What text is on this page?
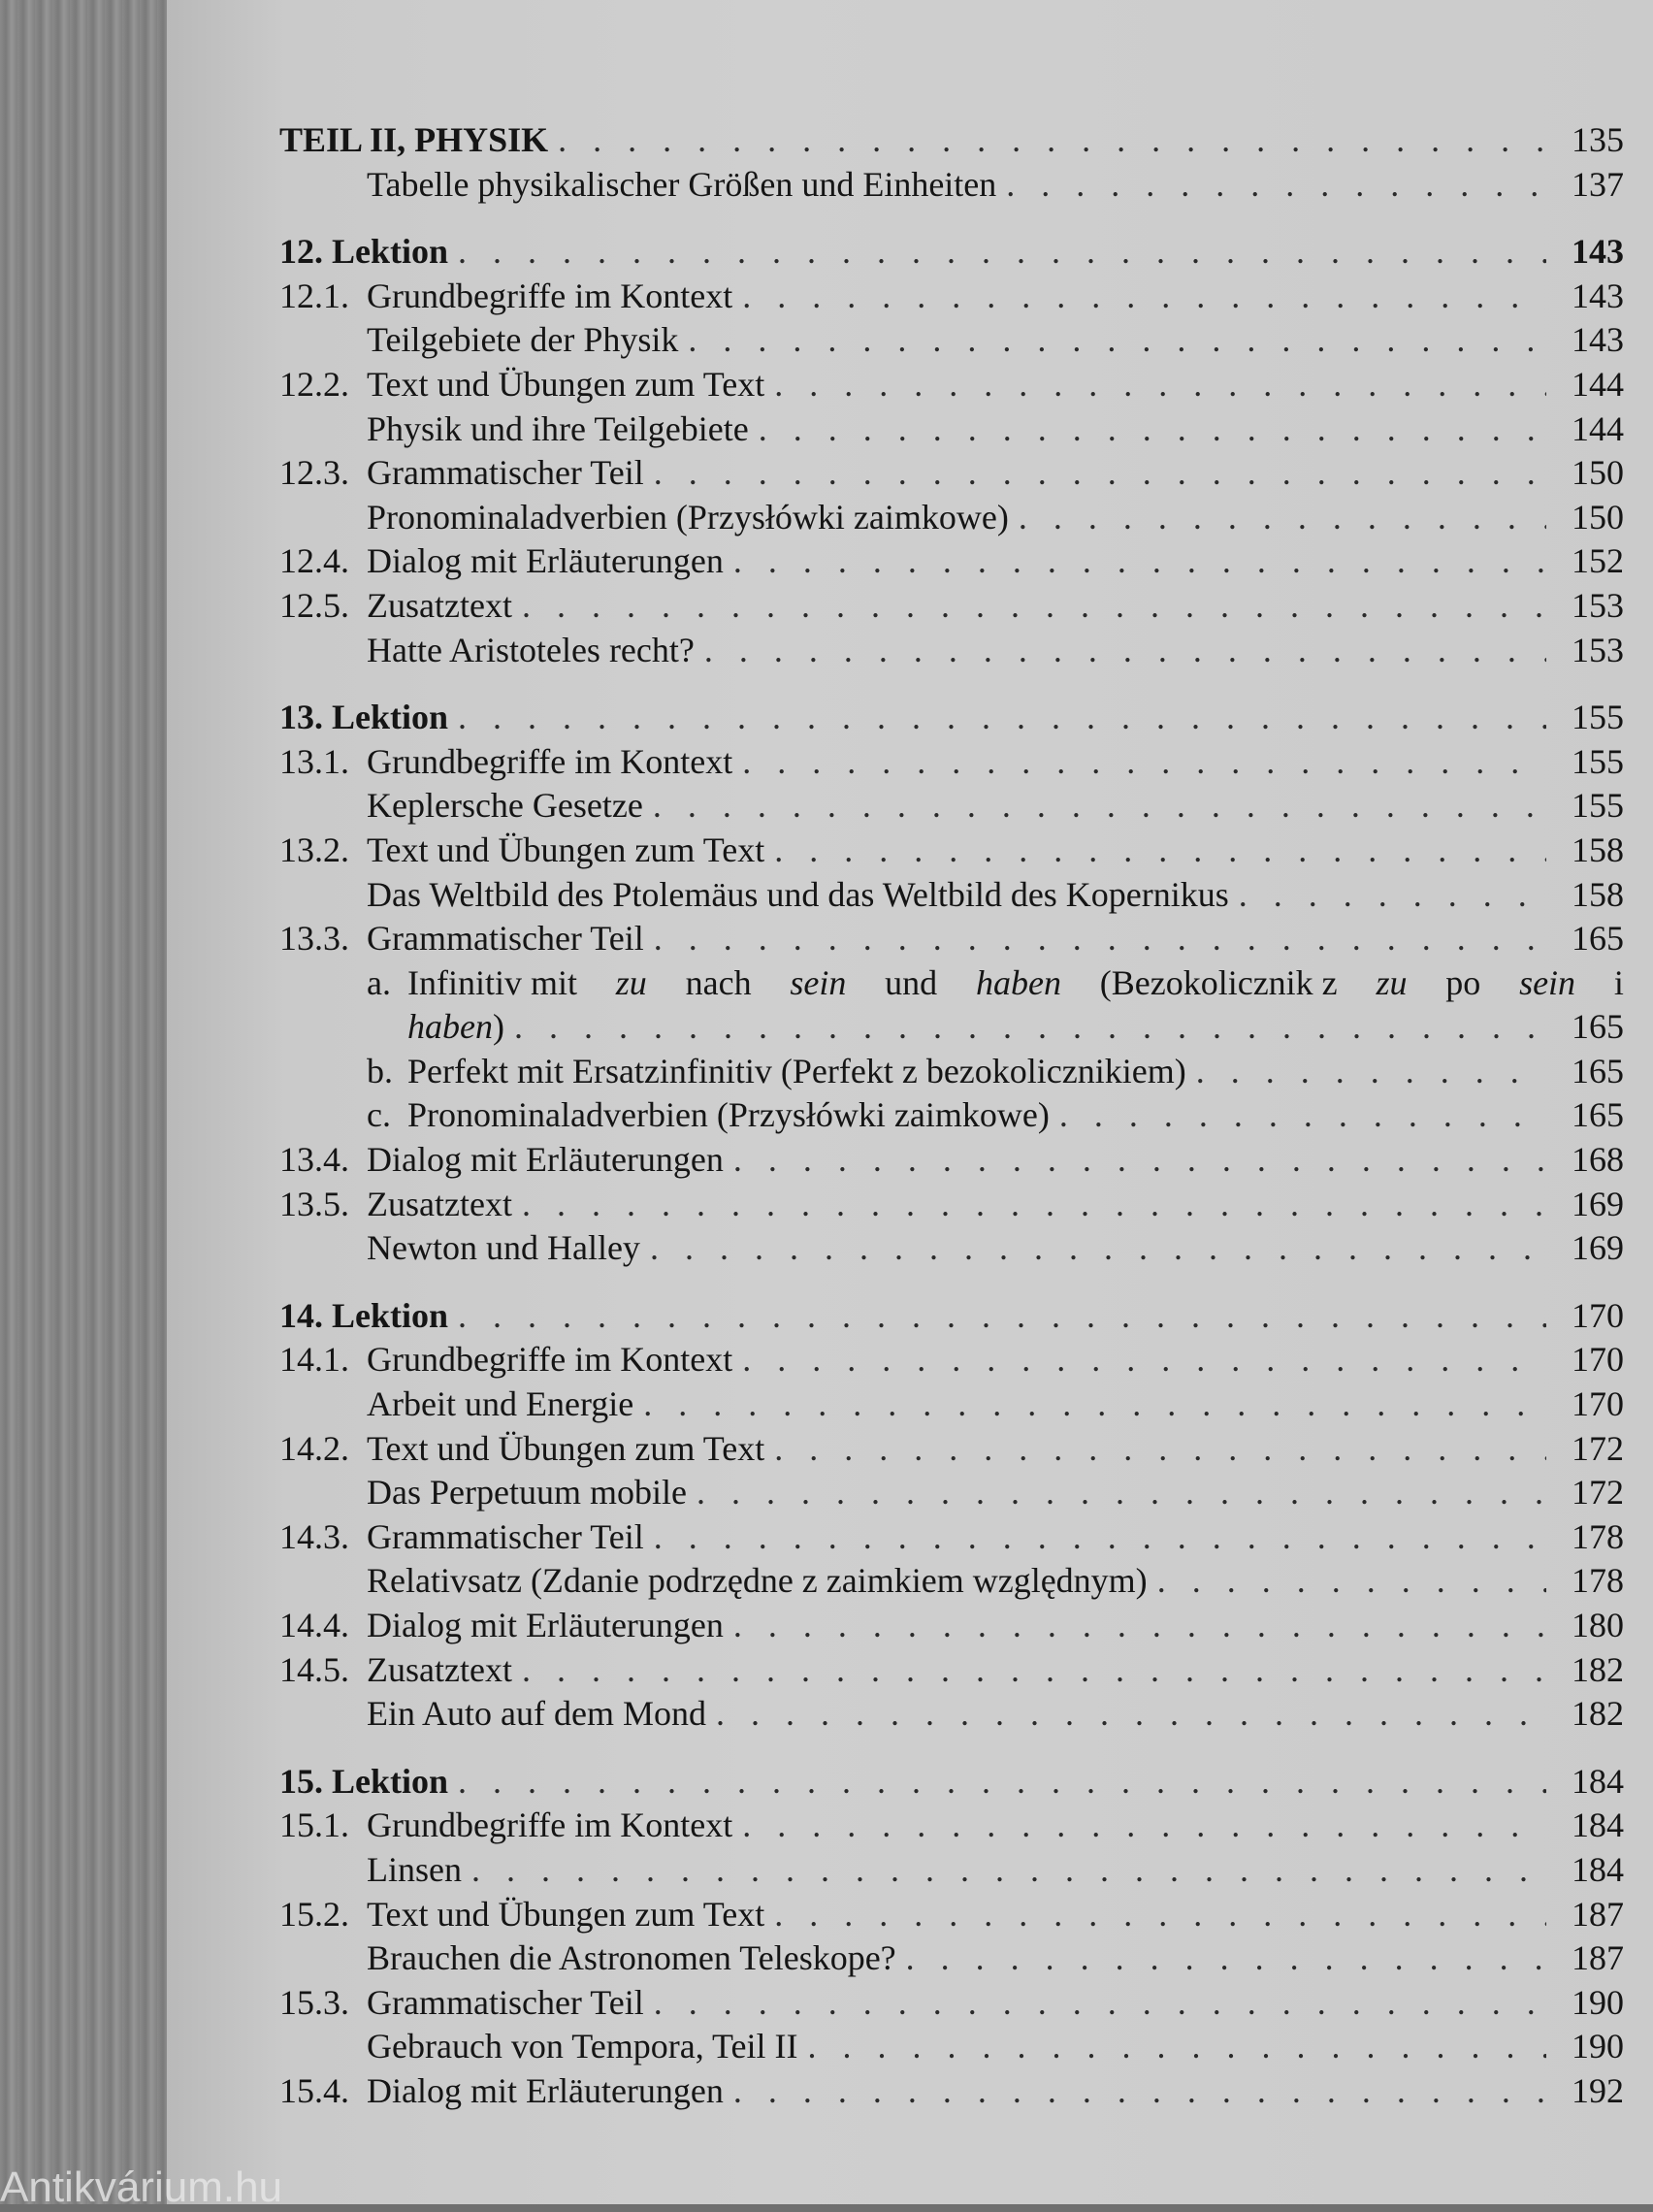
TEIL II, PHYSIK . . .	135
Tabelle physikalischer Größen und Einheiten . . .	137
12. Lektion . . .	143
12.1. Grundbegriffe im Kontext . . .	143
Teilgebiete der Physik . . .	143
12.2. Text und Übungen zum Text . . .	144
Physik und ihre Teilgebiete . . .	144
12.3. Grammatischer Teil . . .	150
Pronominaladverbien (Przysłówki zaimkowe) . . .	150
12.4. Dialog mit Erläuterungen . . .	152
12.5. Zusatztext . . .	153
Hatte Aristoteles recht? . . .	153
13. Lektion . . .	155
13.1. Grundbegriffe im Kontext . . .	155
Keplersche Gesetze . . .	155
13.2. Text und Übungen zum Text . . .	158
Das Weltbild des Ptolemäus und das Weltbild des Kopernikus . . .	158
13.3. Grammatischer Teil . . .	165
a. Infinitiv mit zu nach sein und haben (Bezokolicznik z zu po sein i
haben) . . .	165
b. Perfekt mit Ersatzinfinitiv (Perfekt z bezokolicznikiem) . . .	165
c. Pronominaladverbien (Przysłówki zaimkowe) . . .	165
13.4. Dialog mit Erläuterungen . . .	168
13.5. Zusatztext . . .	169
Newton und Halley . . .	169
14. Lektion . . .	170
14.1. Grundbegriffe im Kontext . . .	170
Arbeit und Energie . . .	170
14.2. Text und Übungen zum Text . . .	172
Das Perpetuum mobile . . .	172
14.3. Grammatischer Teil . . .	178
Relativsatz (Zdanie podrzędne z zaimkiem względnym) . . .	178
14.4. Dialog mit Erläuterungen . . .	180
14.5. Zusatztext . . .	182
Ein Auto auf dem Mond . . .	182
15. Lektion . . .	184
15.1. Grundbegriffe im Kontext . . .	184
Linsen . . .	184
15.2. Text und Übungen zum Text . . .	187
Brauchen die Astronomen Teleskope? . . .	187
15.3. Grammatischer Teil . . .	190
Gebrauch von Tempora, Teil II . . .	190
15.4. Dialog mit Erläuterungen . . .	192
Antikvárium.hu
